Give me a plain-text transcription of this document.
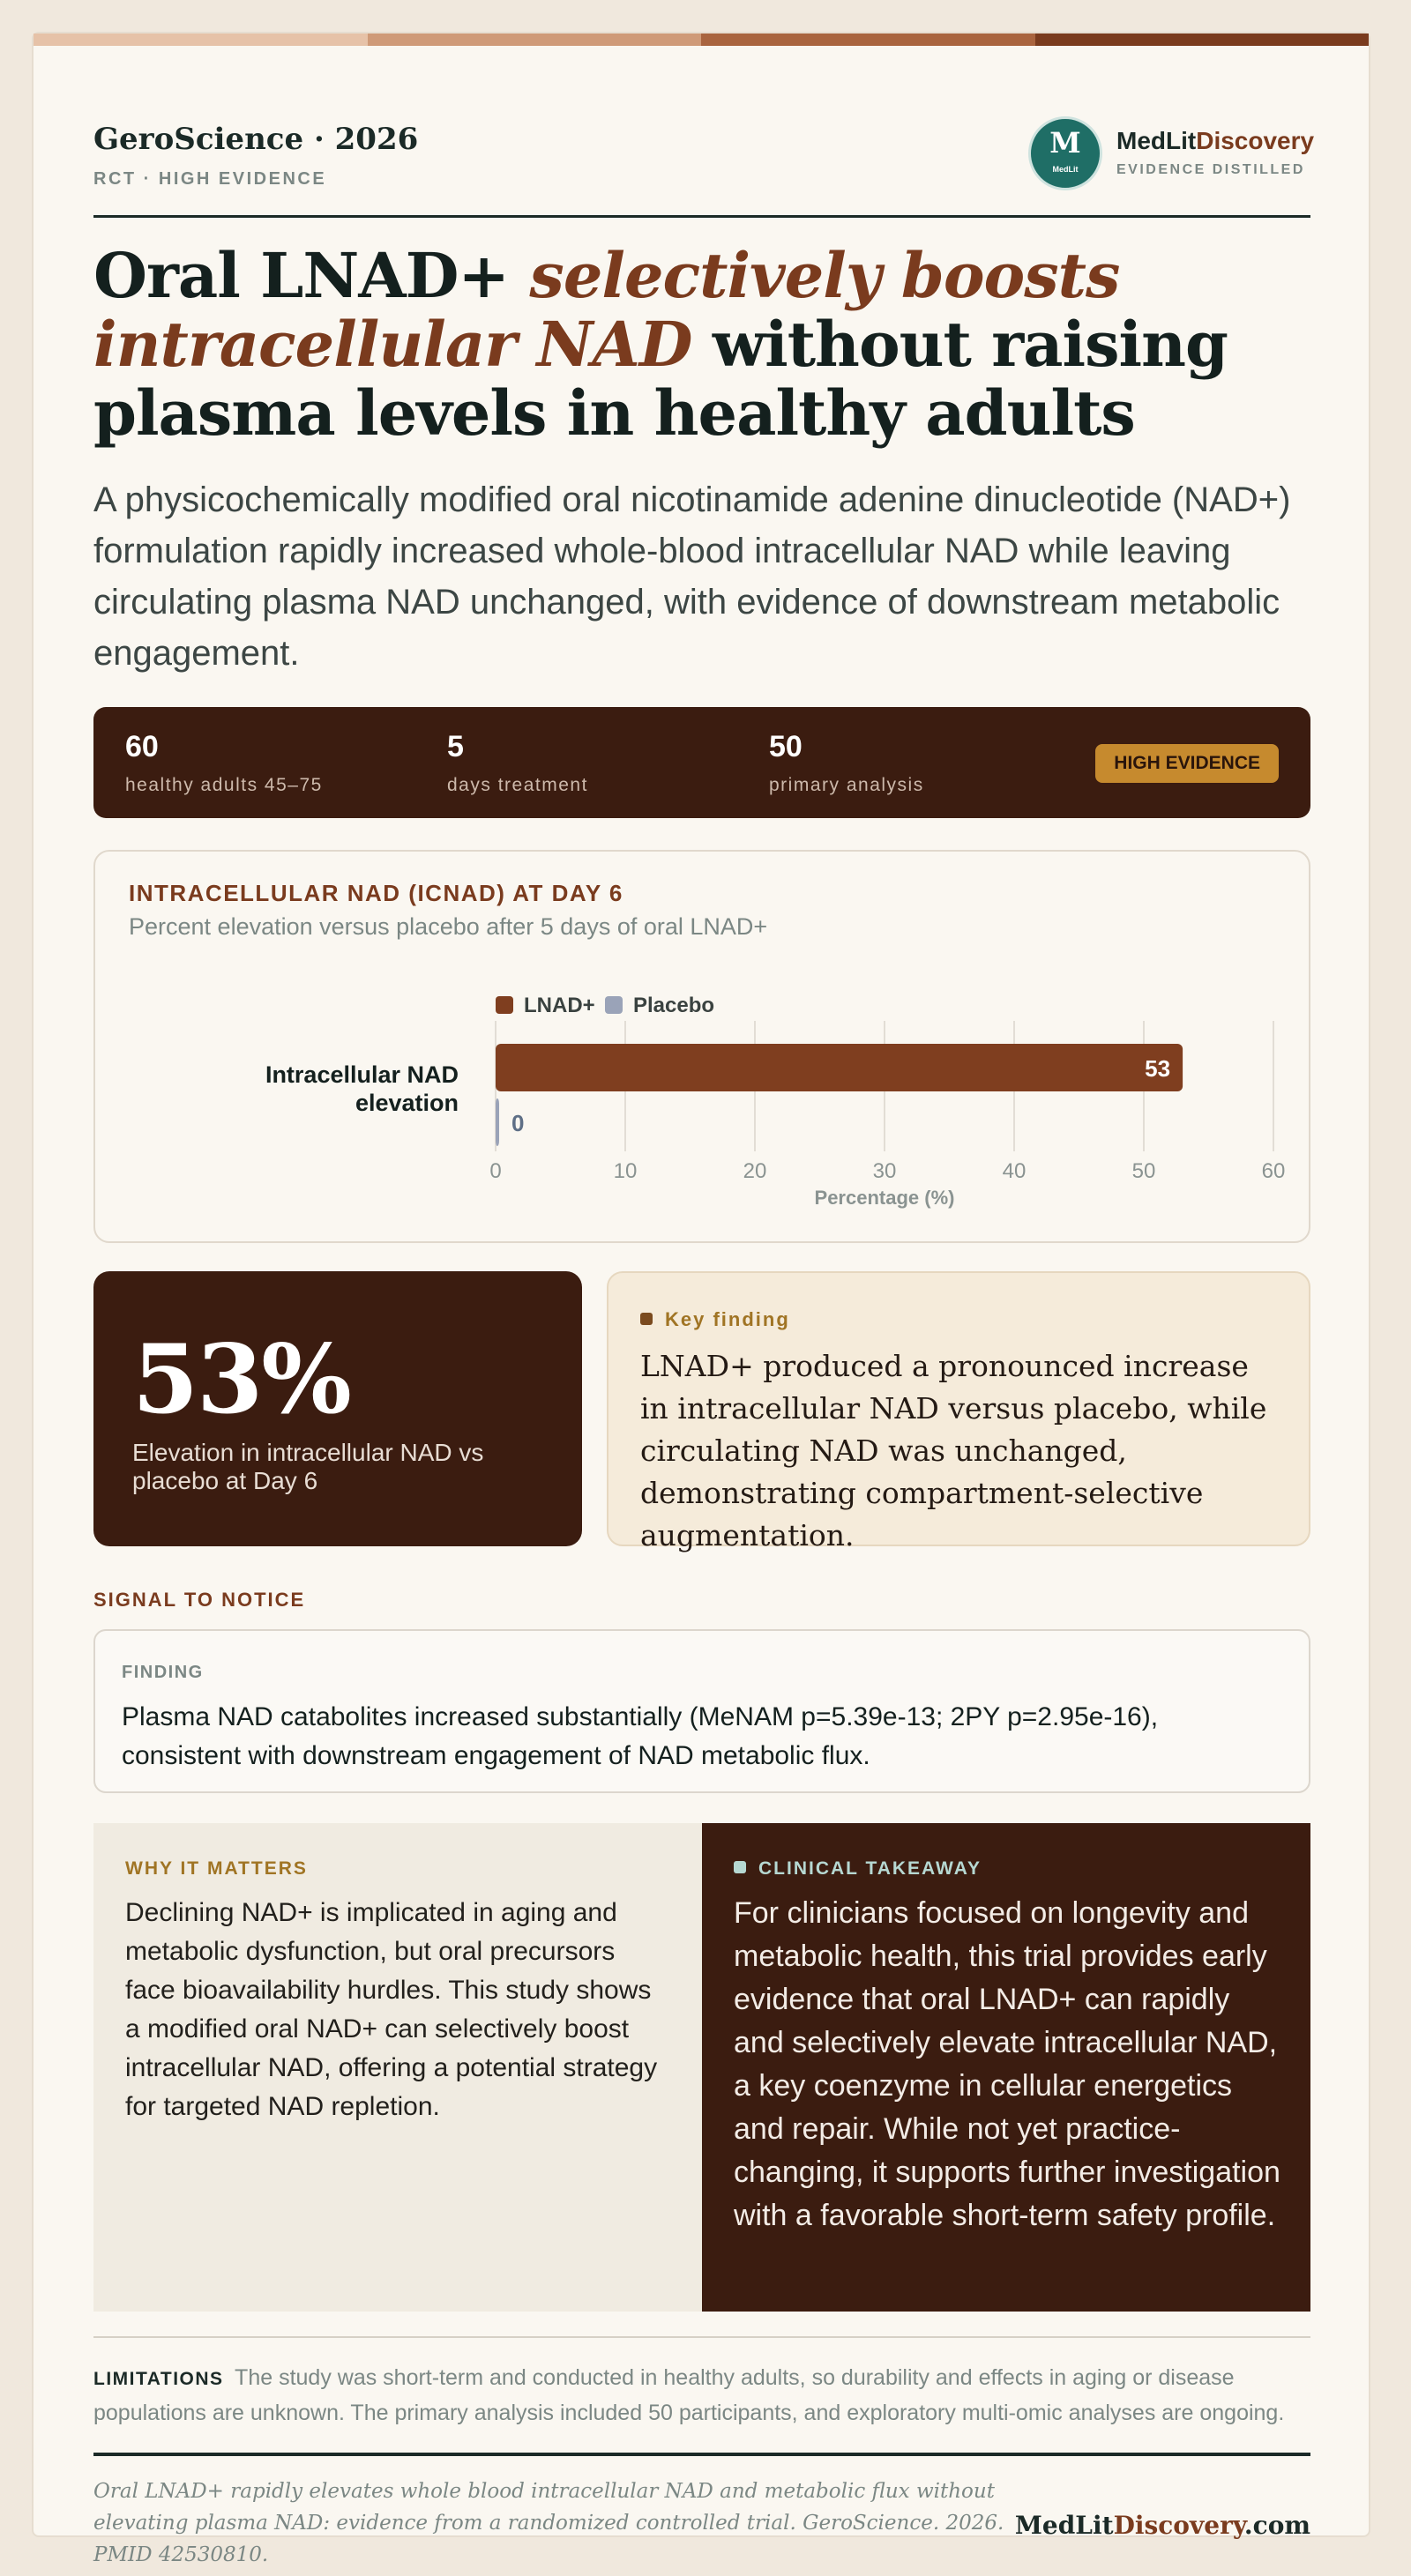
GeroScience · 2026
RCT · HIGH EVIDENCE
M
MedLit
MedLitDiscovery
EVIDENCE DISTILLED
Oral LNAD+ selectively boosts intracellular NAD without raising plasma levels in healthy adults
A physicochemically modified oral nicotinamide adenine dinucleotide (NAD+) formulation rapidly increased whole-blood intracellular NAD while leaving circulating plasma NAD unchanged, with evidence of downstream metabolic engagement.
60
healthy adults 45–75
5
days treatment
50
primary analysis
HIGH EVIDENCE
INTRACELLULAR NAD (ICNAD) AT DAY 6
Percent elevation versus placebo after 5 days of oral LNAD+
0	10	20	30	40	50	60
Percentage (%)
LNAD+ Placebo
Intracellular NAD
elevation
53
0
53%
Elevation in intracellular NAD vs placebo at Day 6
Key finding
LNAD+ produced a pronounced increase in intracellular NAD versus placebo, while circulating NAD was unchanged, demonstrating compartment-selective augmentation.
SIGNAL TO NOTICE
FINDING
Plasma NAD catabolites increased substantially (MeNAM p=5.39e-13; 2PY p=2.95e-16), consistent with downstream engagement of NAD metabolic flux.
WHY IT MATTERS
Declining NAD+ is implicated in aging and metabolic dysfunction, but oral precursors face bioavailability hurdles. This study shows a modified oral NAD+ can selectively boost intracellular NAD, offering a potential strategy for targeted NAD repletion.
CLINICAL TAKEAWAY
For clinicians focused on longevity and metabolic health, this trial provides early evidence that oral LNAD+ can rapidly and selectively elevate intracellular NAD, a key coenzyme in cellular energetics and repair. While not yet practice-changing, it supports further investigation with a favorable short-term safety profile.
LIMITATIONS The study was short-term and conducted in healthy adults, so durability and effects in aging or disease populations are unknown. The primary analysis included 50 participants, and exploratory multi-omic analyses are ongoing.
Oral LNAD+ rapidly elevates whole blood intracellular NAD and metabolic flux without elevating plasma NAD: evidence from a randomized controlled trial. GeroScience. 2026. PMID 42530810.
MedLitDiscovery.com
